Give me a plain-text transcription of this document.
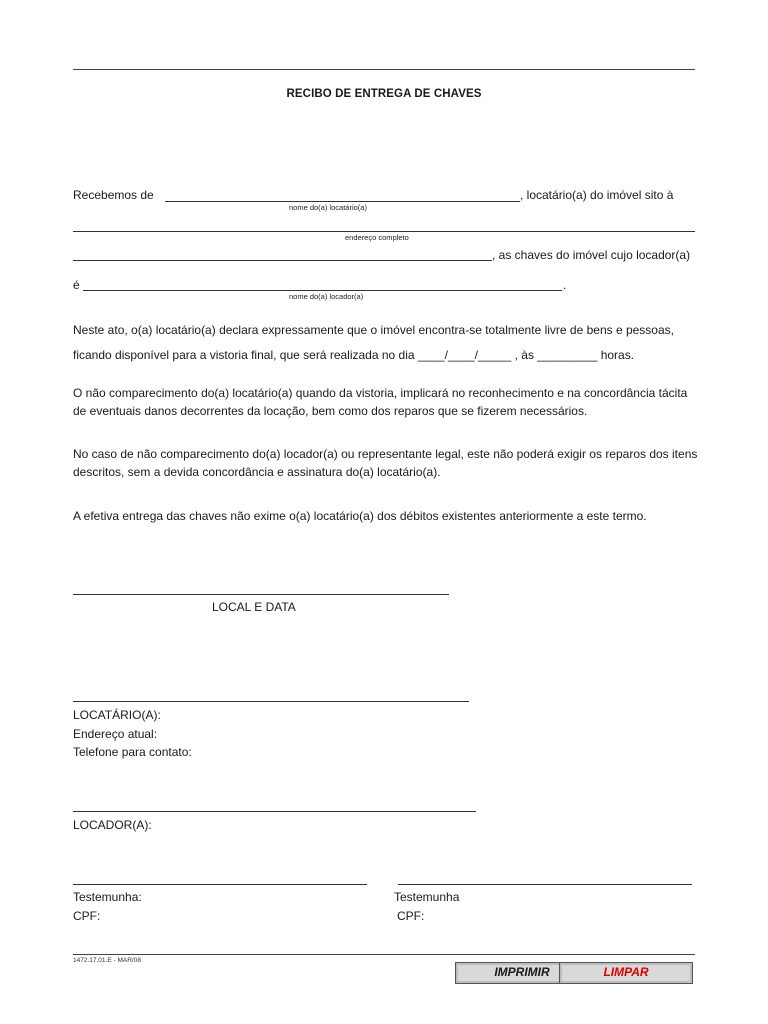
RECIBO DE ENTREGA DE CHAVES
Recebemos de	, locatário(a) do imóvel sito à
nome do(a) locatário(a)
endereço completo
, as chaves do imóvel cujo locador(a)
é	.
nome do(a) locador(a)
Neste ato, o(a) locatário(a) declara expressamente que o imóvel encontra-se totalmente livre de bens e pessoas,
ficando disponível para a vistoria final, que será realizada no dia ____/____/_____ , às _________ horas.
O não comparecimento do(a) locatário(a) quando da vistoria, implicará no reconhecimento e na concordância tácita
de eventuais danos decorrentes da locação, bem como dos reparos que se fizerem necessários.
No caso de não comparecimento do(a) locador(a) ou representante legal, este não poderá exigir os reparos dos itens
descritos, sem a devida concordância e assinatura do(a) locatário(a).
A efetiva entrega das chaves não exime o(a) locatário(a) dos débitos existentes anteriormente a este termo.
LOCAL E DATA
LOCATÁRIO(A):
Endereço atual:
Telefone para contato:
LOCADOR(A):
Testemunha:
CPF:
Testemunha
CPF:
1472.17.01.E - MAR/08
IMPRIMIR	LIMPAR
